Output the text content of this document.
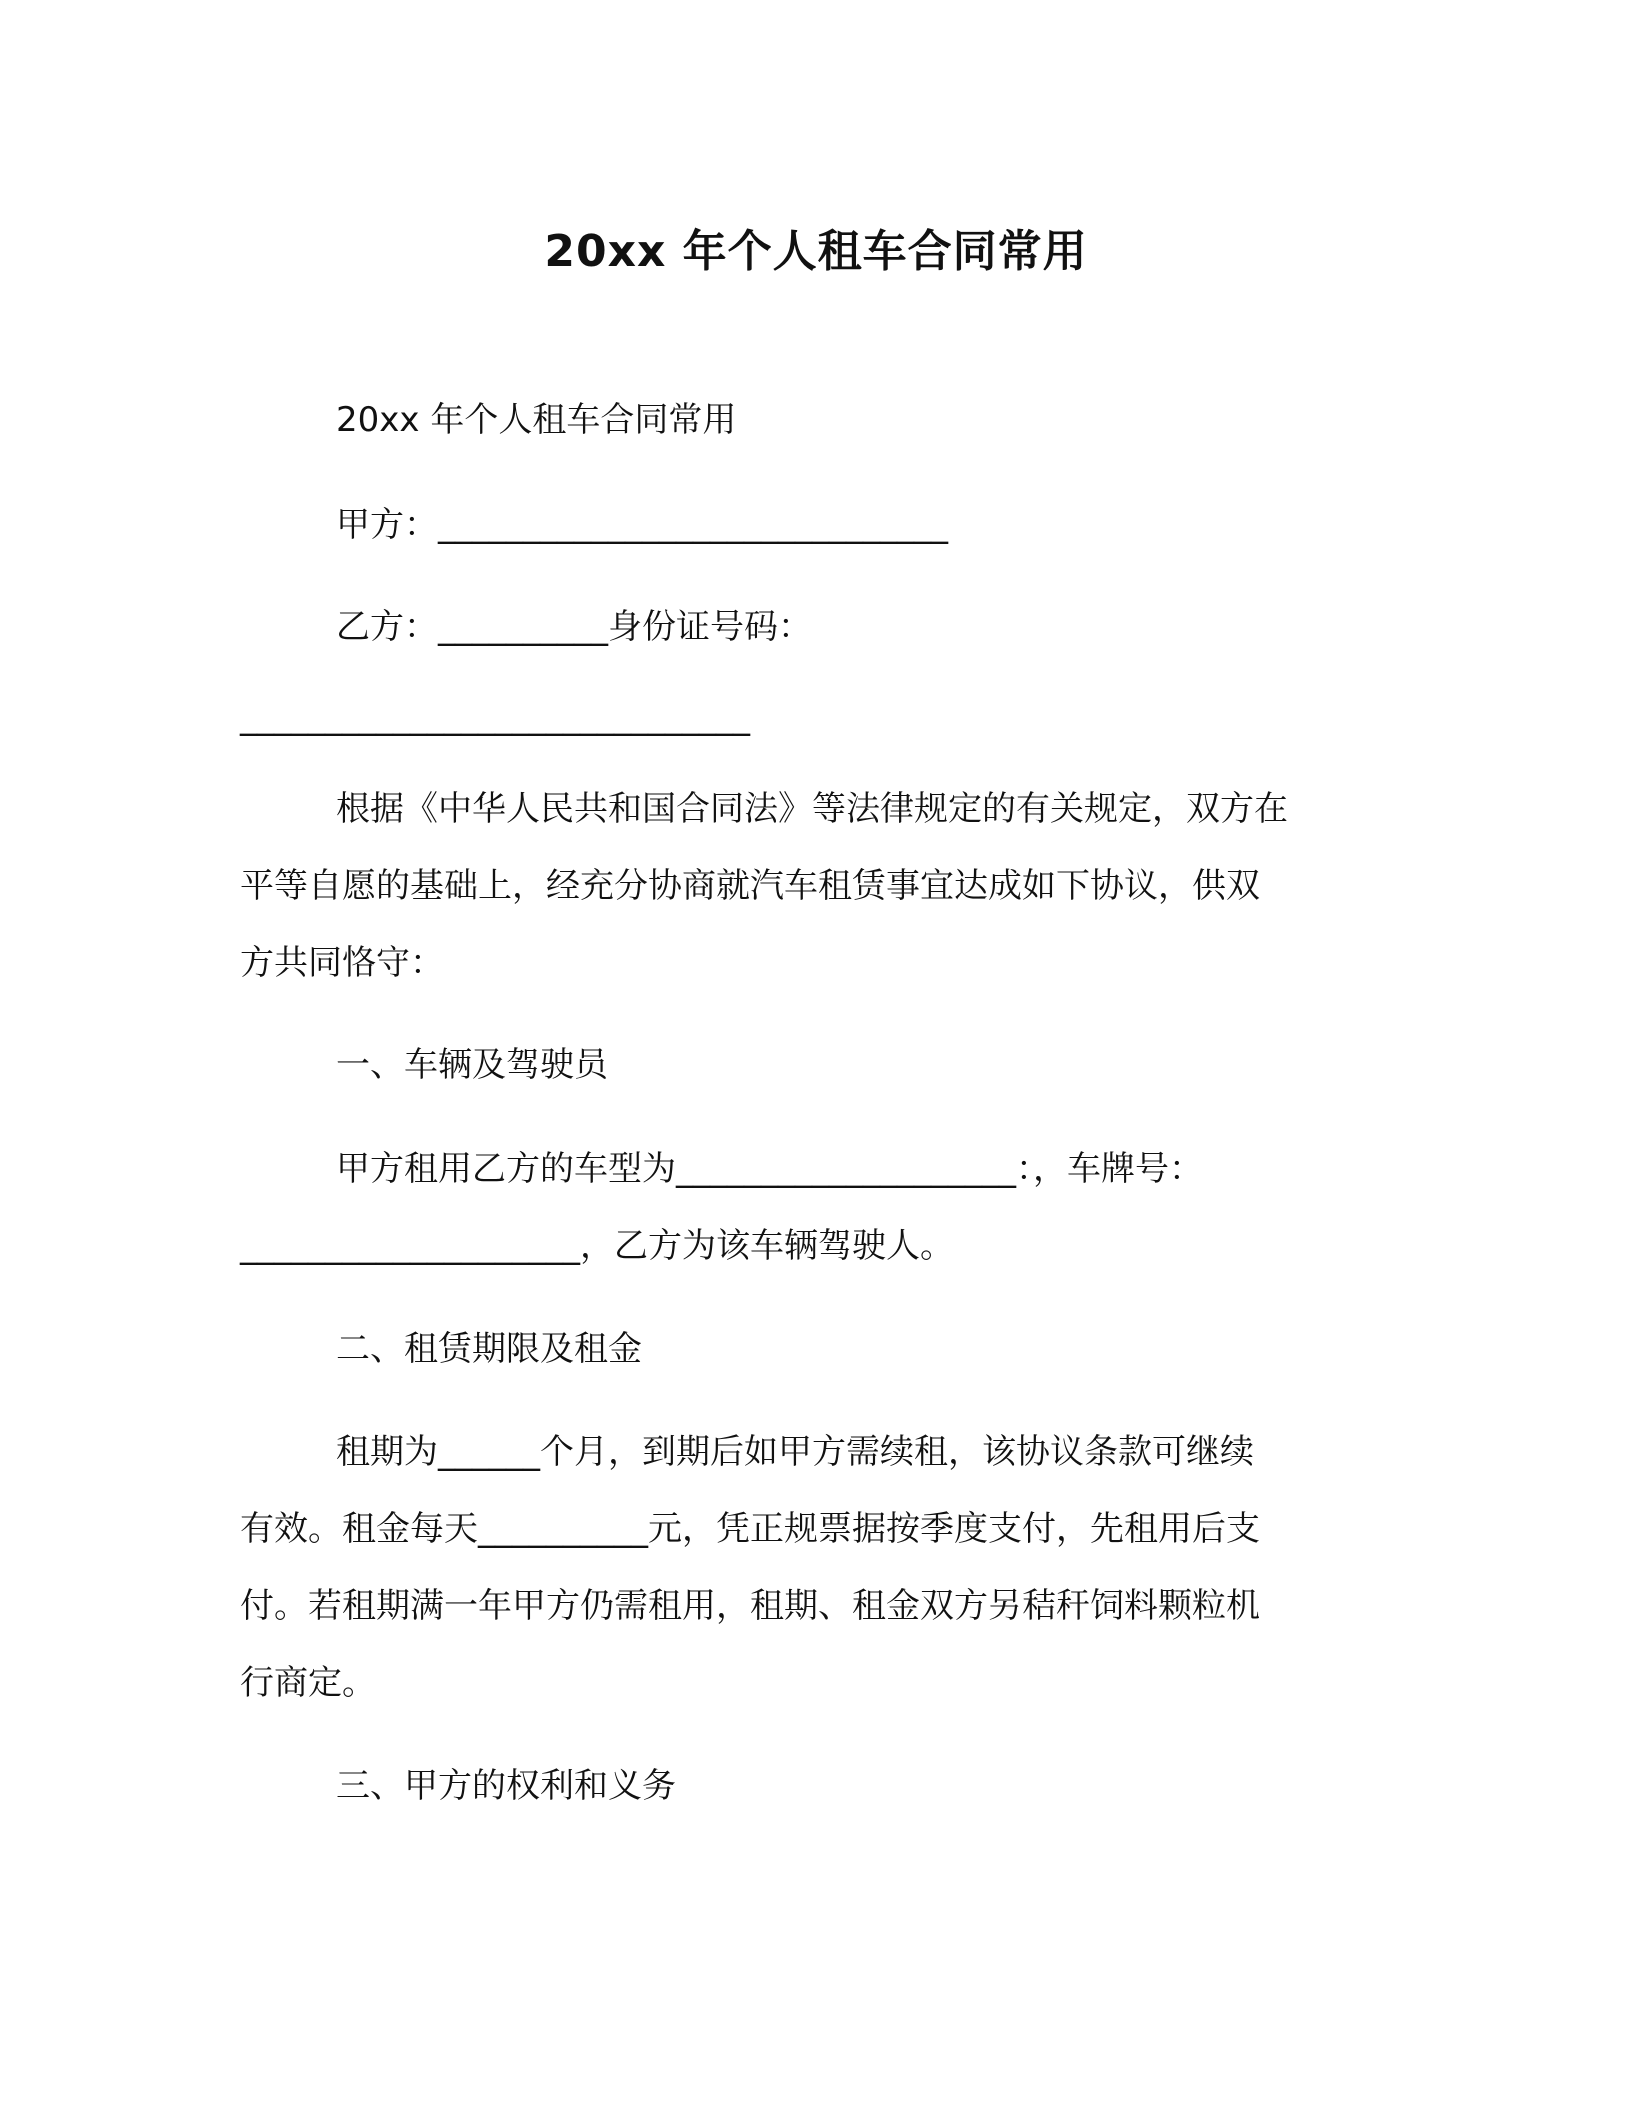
20xx 年个人租车合同常用
20xx 年个人租车合同常用
甲方：______________________________
乙方：__________身份证号码：
______________________________
根据《中华人民共和国合同法》等法律规定的有关规定，双方在
平等自愿的基础上，经充分协商就汽车租赁事宜达成如下协议，供双
方共同恪守：
一、车辆及驾驶员
甲方租用乙方的车型为____________________：，车牌号：
____________________，乙方为该车辆驾驶人。
二、租赁期限及租金
租期为______个月，到期后如甲方需续租，该协议条款可继续
有效。租金每天__________元，凭正规票据按季度支付，先租用后支
付。若租期满一年甲方仍需租用，租期、租金双方另秸秆饲料颗粒机
行商定。
三、甲方的权利和义务
